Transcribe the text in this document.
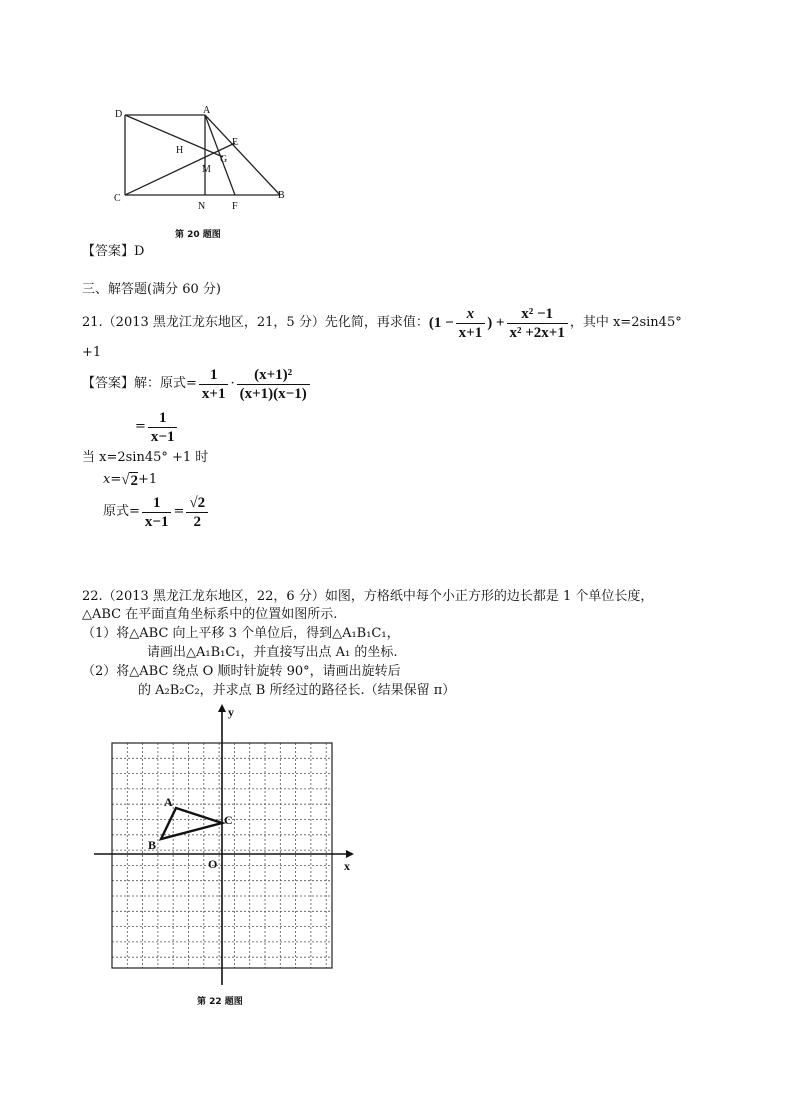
D	A
E
H
G
M
C	B
N	F
第 20 题图
【答案】D
三、解答题(满分 60 分)
21.（2013 黑龙江龙东地区，21，5 分）先化简，再求值： ($1 - \frac{x}{x+1}$ ) + $\frac{\text{x² −1}}{\text{x² +2x+1}}$ ，其中 x=2sin45°
+1
【答案】解：原式= $\frac{1}{x+1} \cdot \frac{\text{(x+1)²}}{(x+1)(x-1)}$
= $\frac{1}{x-1}$
当 x=2sin45° +1 时
x= √ 2 +1
原式= $\frac{1}{x-1} = \frac{√2}{2}$
22.（2013 黑龙江龙东地区，22，6 分）如图，方格纸中每个小正方形的边长都是 1 个单位长度，
△ABC 在平面直角坐标系中的位置如图所示.
（1）将△ABC 向上平移 3 个单位后，得到△A₁B₁C₁，
请画出△A₁B₁C₁，并直接写出点 A₁ 的坐标.
（2）将△ABC 绕点 O 顺时针旋转 90°，请画出旋转后
的 A₂B₂C₂，并求点 B 所经过的路径长.（结果保留 π）
x
y
O
A
B
C
第 22 题图
